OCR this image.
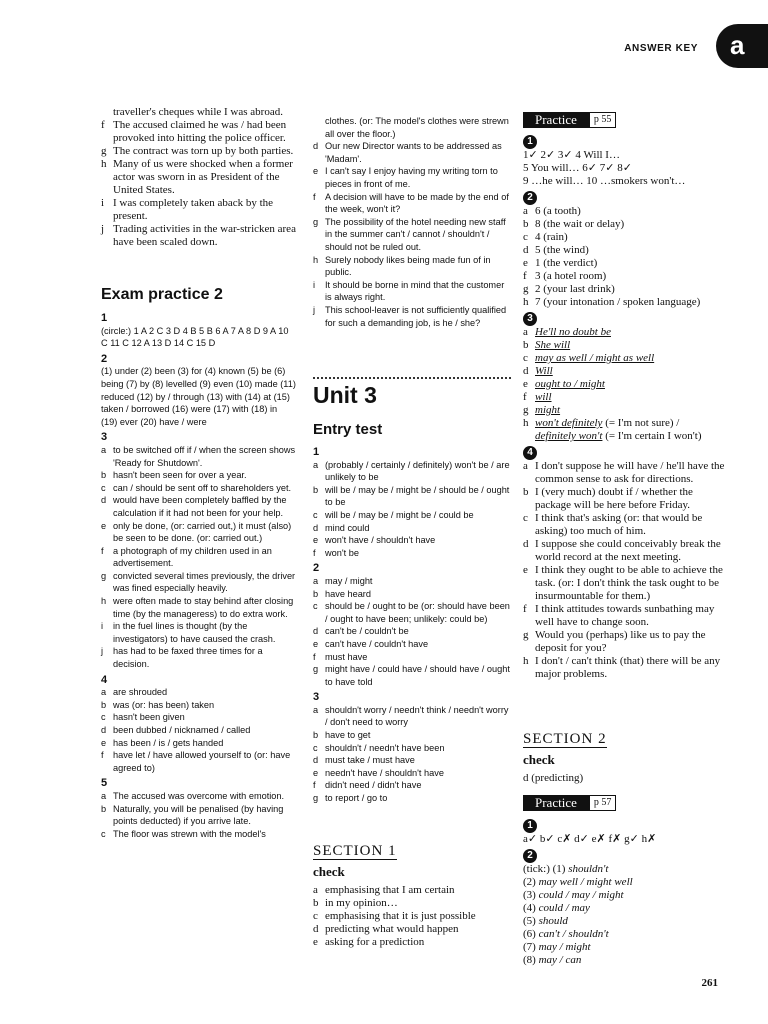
ANSWER KEY	a
traveller's cheques while I was abroad.
f The accused claimed he was / had been provoked into hitting the police officer.
g The contract was torn up by both parties.
h Many of us were shocked when a former actor was sworn in as President of the United States.
i I was completely taken aback by the present.
j Trading activities in the war-stricken area have been scaled down.
Exam practice 2
1
(circle:) 1 A 2 C 3 D 4 B 5 B 6 A 7 A 8 D 9 A 10 C 11 C 12 A 13 D 14 C 15 D
2
(1) under (2) been (3) for (4) known (5) be (6) being (7) by (8) levelled (9) even (10) made (11) reduced (12) by / through (13) with (14) at (15) taken / borrowed (16) were (17) with (18) in (19) ever (20) have / were
3
a to be switched off if / when the screen shows 'Ready for Shutdown'.
b hasn't been seen for over a year.
c can / should be sent off to shareholders yet.
d would have been completely baffled by the calculation if it had not been for your help.
e only be done, (or: carried out,) it must (also) be seen to be done. (or: carried out.)
f a photograph of my children used in an advertisement.
g convicted several times previously, the driver was fined especially heavily.
h were often made to stay behind after closing time (by the manageress) to do extra work.
i in the fuel lines is thought (by the investigators) to have caused the crash.
j has had to be faxed three times for a decision.
4
a are shrouded
b was (or: has been) taken
c hasn't been given
d been dubbed / nicknamed / called
e has been / is / gets handed
f have let / have allowed yourself to (or: have agreed to)
5
a The accused was overcome with emotion.
b Naturally, you will be penalised (by having points deducted) if you arrive late.
c The floor was strewn with the model's
clothes. (or: The model's clothes were strewn all over the floor.)
d Our new Director wants to be addressed as 'Madam'.
e I can't say I enjoy having my writing torn to pieces in front of me.
f A decision will have to be made by the end of the week, won't it?
g The possibility of the hotel needing new staff in the summer can't / cannot / shouldn't / should not be ruled out.
h Surely nobody likes being made fun of in public.
i It should be borne in mind that the customer is always right.
j This school-leaver is not sufficiently qualified for such a demanding job, is he / she?
Unit 3
Entry test
1
a (probably / certainly / definitely) won't be / are unlikely to be
b will be / may be / might be / should be / ought to be
c will be / may be / might be / could be
d mind could
e won't have / shouldn't have
f won't be
2
a may / might
b have heard
c should be / ought to be (or: should have been / ought to have been; unlikely: could be)
d can't be / couldn't be
e can't have / couldn't have
f must have
g might have / could have / should have / ought to have told
3
a shouldn't worry / needn't think / needn't worry / don't need to worry
b have to get
c shouldn't / needn't have been
d must take / must have
e needn't have / shouldn't have
f didn't need / didn't have
g to report / go to
SECTION 1
check
a emphasising that I am certain
b in my opinion…
c emphasising that it is just possible
d predicting what would happen
e asking for a prediction
Practice	p 55
1
1✓ 2✓ 3✓ 4 Will I…
5 You will… 6✓ 7✓ 8✓
9 …he will… 10 …smokers won't…
2
a 6 (a tooth)
b 8 (the wait or delay)
c 4 (rain)
d 5 (the wind)
e 1 (the verdict)
f 3 (a hotel room)
g 2 (your last drink)
h 7 (your intonation / spoken language)
3
a He'll no doubt be
b She will
c may as well / might as well
d Will
e ought to / might
f will
g might
h won't definitely (= I'm not sure) /
definitely won't (= I'm certain I won't)
4
a I don't suppose he will have / he'll have the common sense to ask for directions.
b I (very much) doubt if / whether the package will be here before Friday.
c I think that's asking (or: that would be asking) too much of him.
d I suppose she could conceivably break the world record at the next meeting.
e I think they ought to be able to achieve the task. (or: I don't think the task ought to be insurmountable for them.)
f I think attitudes towards sunbathing may well have to change soon.
g Would you (perhaps) like us to pay the deposit for you?
h I don't / can't think (that) there will be any major problems.
SECTION 2
check
d (predicting)
Practice	p 57
1
a✓ b✓ c✗ d✓ e✗ f✗ g✓ h✗
2
(tick:) (1) shouldn't
(2) may well / might well
(3) could / may / might
(4) could / may
(5) should
(6) can't / shouldn't
(7) may / might
(8) may / can
261
